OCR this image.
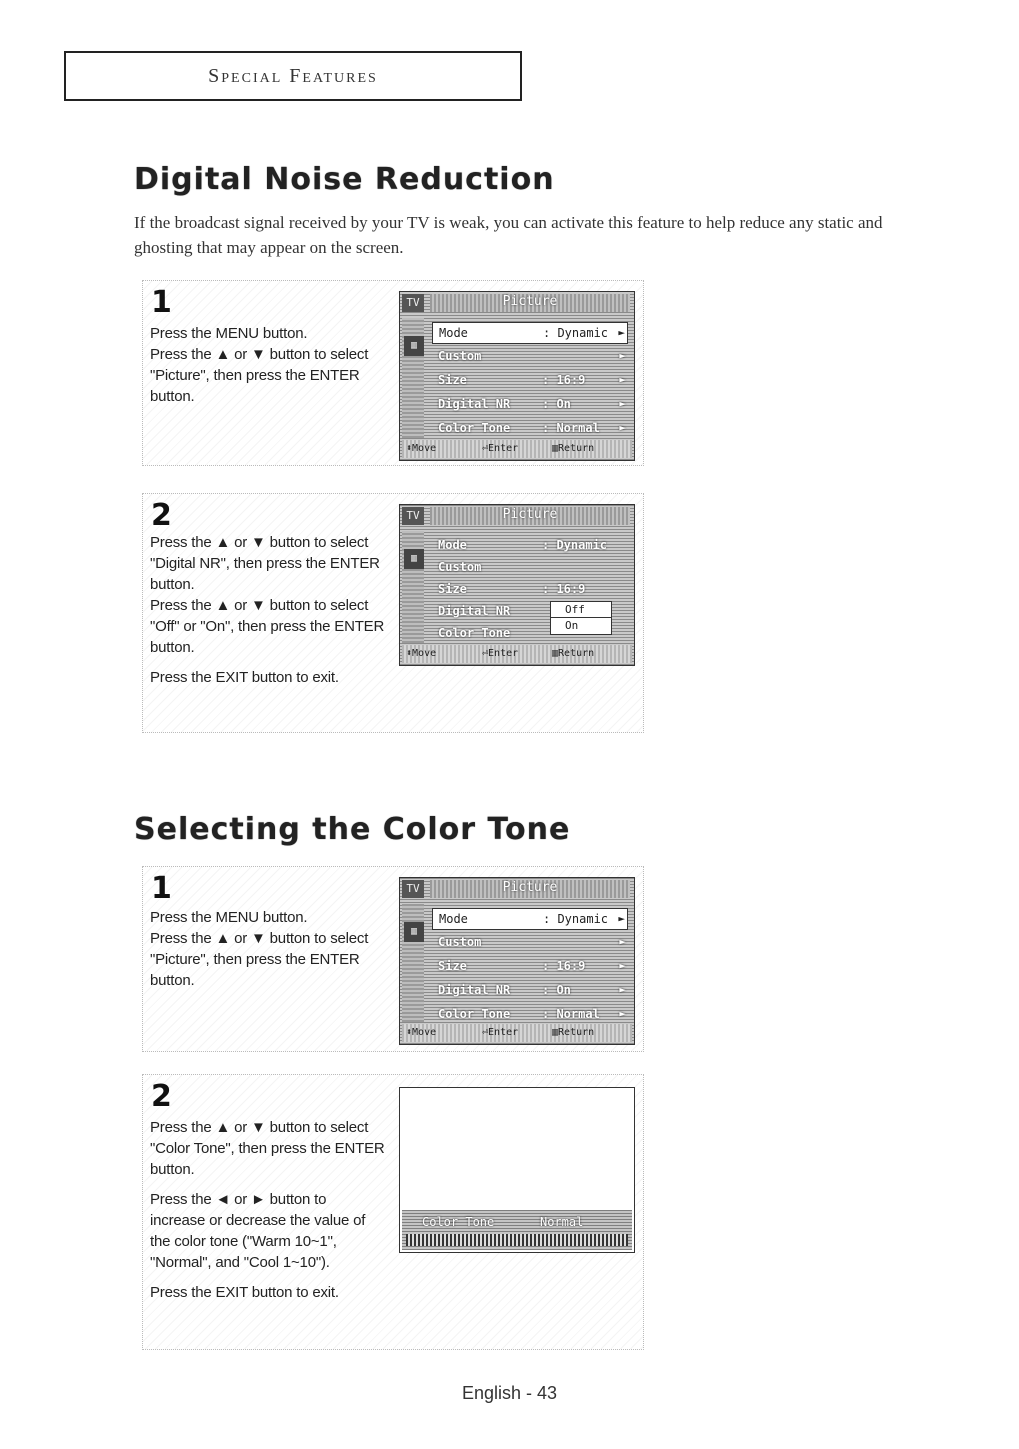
Special Features
Digital Noise Reduction
If the broadcast signal received by your TV is weak, you can activate this feature to help reduce any static and ghosting that may appear on the screen.
1

Press the MENU button.

Press the ▲ or ▼ button to select "Picture", then press the ENTER button.

TV	Picture
▥
Mode	: Dynamic ►
Custom	►
Size	: 16:9	►
Digital NR	: On	►
Color Tone	: Normal ►
⬍Move	⏎Enter	▥Return
2

Press the ▲ or ▼ button to select "Digital NR", then press the ENTER button.

Press the ▲ or ▼ button to select "Off" or "On", then press the ENTER button.

Press the EXIT button to exit.

TV	Picture
▥
Mode	: Dynamic
Custom
Size	: 16:9
Digital NR
Color Tone
Off
On
⬍Move	⏎Enter	▥Return
Selecting the Color Tone
1

Press the MENU button.

Press the ▲ or ▼ button to select "Picture", then press the ENTER button.

TV	Picture
▥
Mode	: Dynamic ►
Custom	►
Size	: 16:9	►
Digital NR	: On	►
Color Tone	: Normal ►
⬍Move	⏎Enter	▥Return
2

Press the ▲ or ▼ button to select "Color Tone", then press the ENTER button.

Press the ◄ or ► button to increase or decrease the value of the color tone ("Warm 10~1", "Normal", and "Cool 1~10").

Press the EXIT button to exit.

Color Tone	Normal
English - 43
